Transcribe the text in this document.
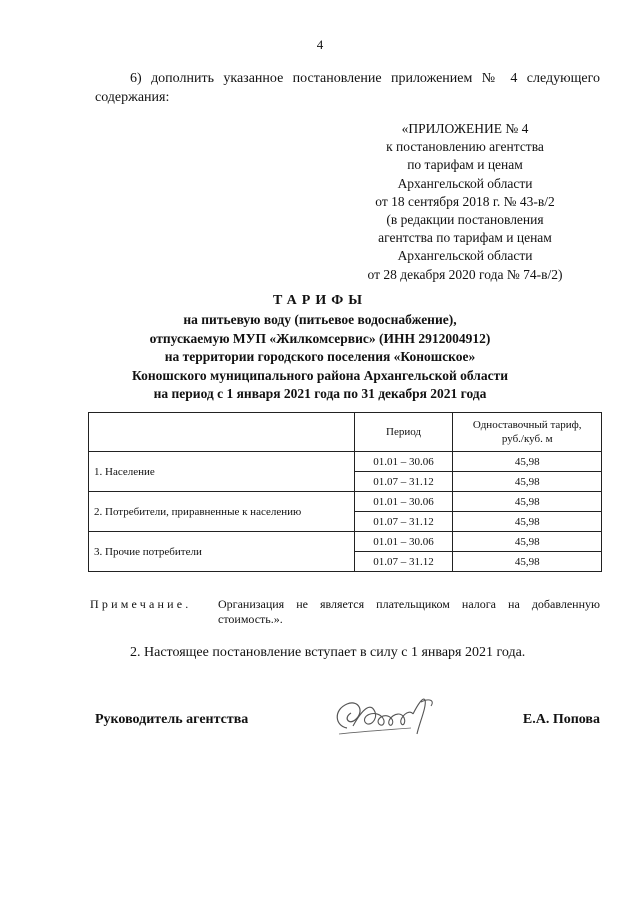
4
6) дополнить указанное постановление приложением № 4 следующего
содержания:
«ПРИЛОЖЕНИЕ № 4
к постановлению агентства
по тарифам и ценам
Архангельской области
от 18 сентября 2018 г. № 43-в/2
(в редакции постановления
агентства по тарифам и ценам
Архангельской области
от 28 декабря 2020 года № 74-в/2)
ТАРИФЫ
на питьевую воду (питьевое водоснабжение),
отпускаемую МУП «Жилкомсервис» (ИНН 2912004912)
на территории городского поселения «Коношское»
Коношского муниципального района Архангельской области
на период с 1 января 2021 года по 31 декабря 2021 года
	Период	Одноставочный тариф,
руб./куб. м
1. Население	01.01 – 30.06	45,98
	01.07 – 31.12	45,98
2. Потребители, приравненные к населению	01.01 – 30.06	45,98
	01.07 – 31.12	45,98
3. Прочие потребители	01.01 – 30.06	45,98
	01.07 – 31.12	45,98
Примечание. Организация не является плательщиком налога на добавленную
стоимость.».
2. Настоящее постановление вступает в силу с 1 января 2021 года.
Руководитель агентства	Е.А. Попова
